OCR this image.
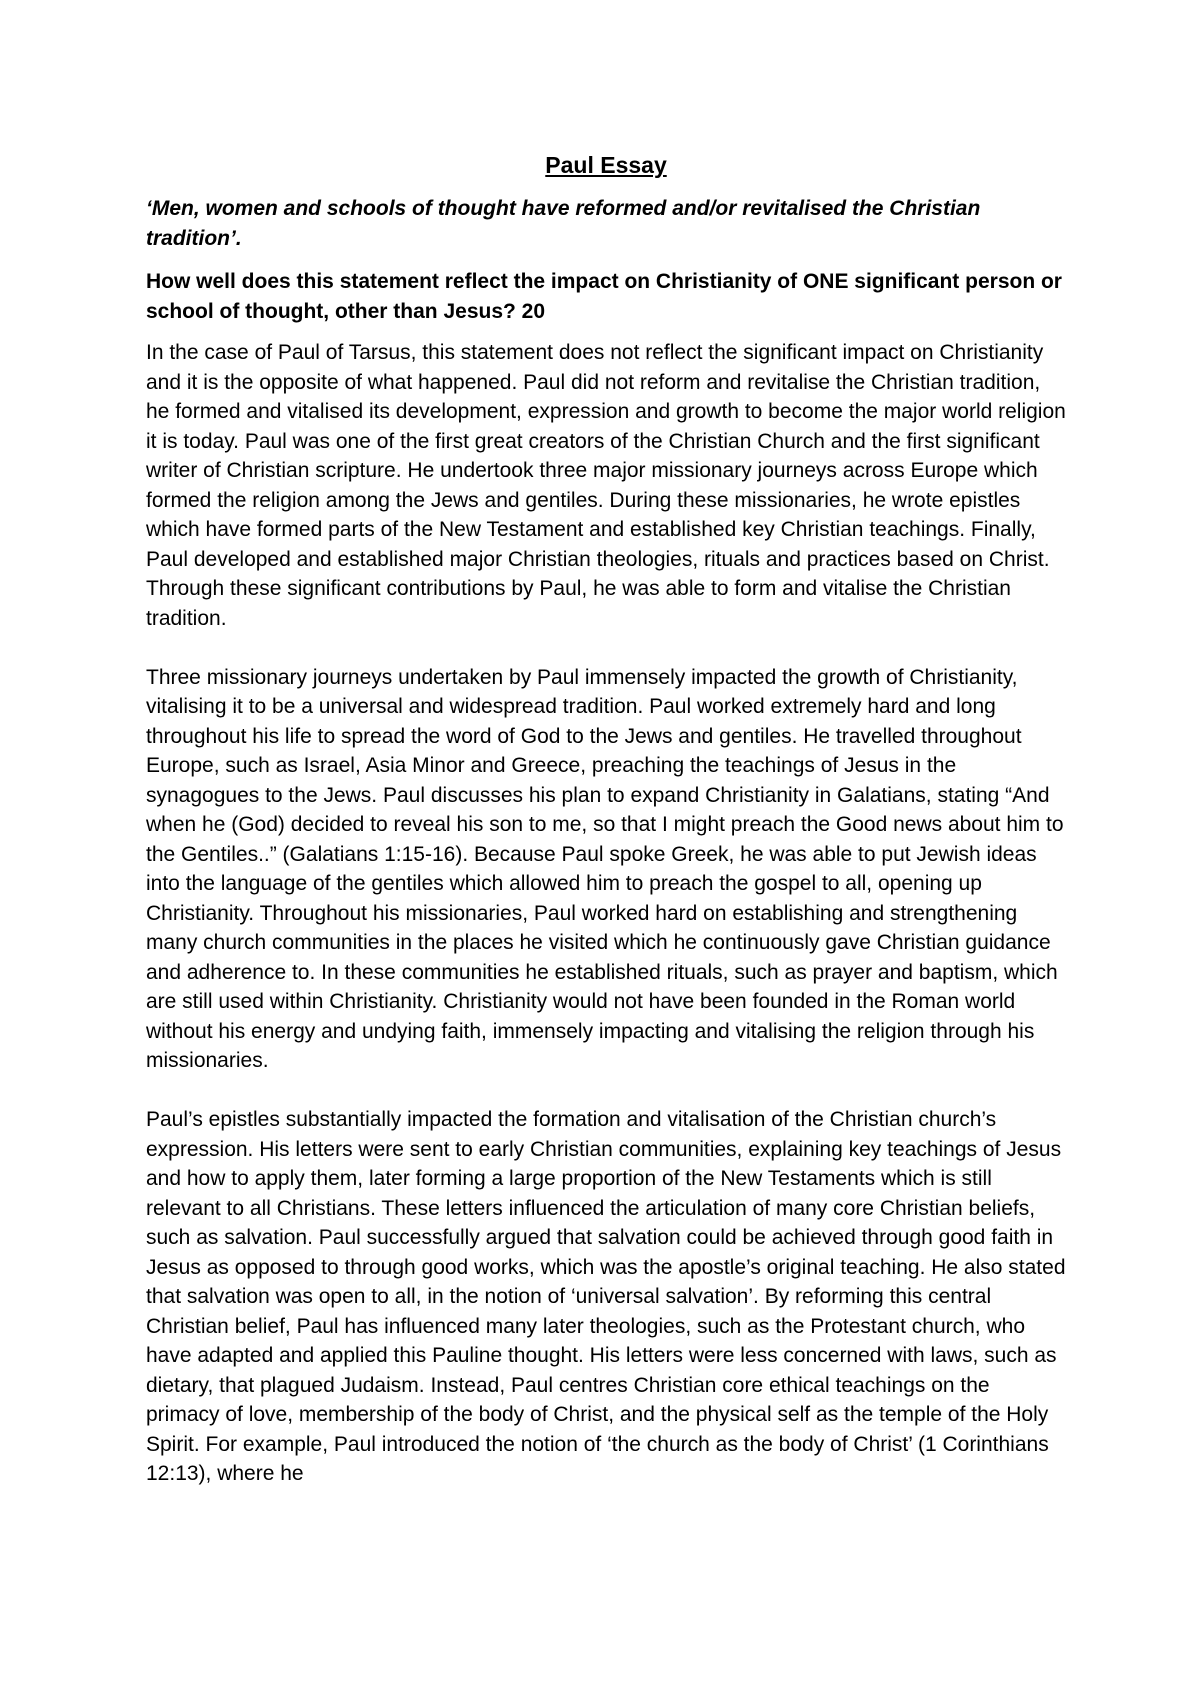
Paul Essay

‘Men, women and schools of thought have reformed and/or revitalised the Christian tradition’.

How well does this statement reflect the impact on Christianity of ONE significant person or school of thought, other than Jesus? 20

In the case of Paul of Tarsus, this statement does not reflect the significant impact on Christianity and it is the opposite of what happened. Paul did not reform and revitalise the Christian tradition, he formed and vitalised its development, expression and growth to become the major world religion it is today. Paul was one of the first great creators of the Christian Church and the first significant writer of Christian scripture. He undertook three major missionary journeys across Europe which formed the religion among the Jews and gentiles. During these missionaries, he wrote epistles which have formed parts of the New Testament and established key Christian teachings. Finally, Paul developed and established major Christian theologies, rituals and practices based on Christ. Through these significant contributions by Paul, he was able to form and vitalise the Christian tradition.

Three missionary journeys undertaken by Paul immensely impacted the growth of Christianity, vitalising it to be a universal and widespread tradition. Paul worked extremely hard and long throughout his life to spread the word of God to the Jews and gentiles. He travelled throughout Europe, such as Israel, Asia Minor and Greece, preaching the teachings of Jesus in the synagogues to the Jews. Paul discusses his plan to expand Christianity in Galatians, stating “And when he (God) decided to reveal his son to me, so that I might preach the Good news about him to the Gentiles..” (Galatians 1:15-16). Because Paul spoke Greek, he was able to put Jewish ideas into the language of the gentiles which allowed him to preach the gospel to all, opening up Christianity. Throughout his missionaries, Paul worked hard on establishing and strengthening many church communities in the places he visited which he continuously gave Christian guidance and adherence to. In these communities he established rituals, such as prayer and baptism, which are still used within Christianity. Christianity would not have been founded in the Roman world without his energy and undying faith, immensely impacting and vitalising the religion through his missionaries.

Paul’s epistles substantially impacted the formation and vitalisation of the Christian church’s expression. His letters were sent to early Christian communities, explaining key teachings of Jesus and how to apply them, later forming a large proportion of the New Testaments which is still relevant to all Christians. These letters influenced the articulation of many core Christian beliefs, such as salvation. Paul successfully argued that salvation could be achieved through good faith in Jesus as opposed to through good works, which was the apostle’s original teaching. He also stated that salvation was open to all, in the notion of ‘universal salvation’. By reforming this central Christian belief, Paul has influenced many later theologies, such as the Protestant church, who have adapted and applied this Pauline thought. His letters were less concerned with laws, such as dietary, that plagued Judaism. Instead, Paul centres Christian core ethical teachings on the primacy of love, membership of the body of Christ, and the physical self as the temple of the Holy Spirit. For example, Paul introduced the notion of ‘the church as the body of Christ’ (1 Corinthians 12:13), where he
